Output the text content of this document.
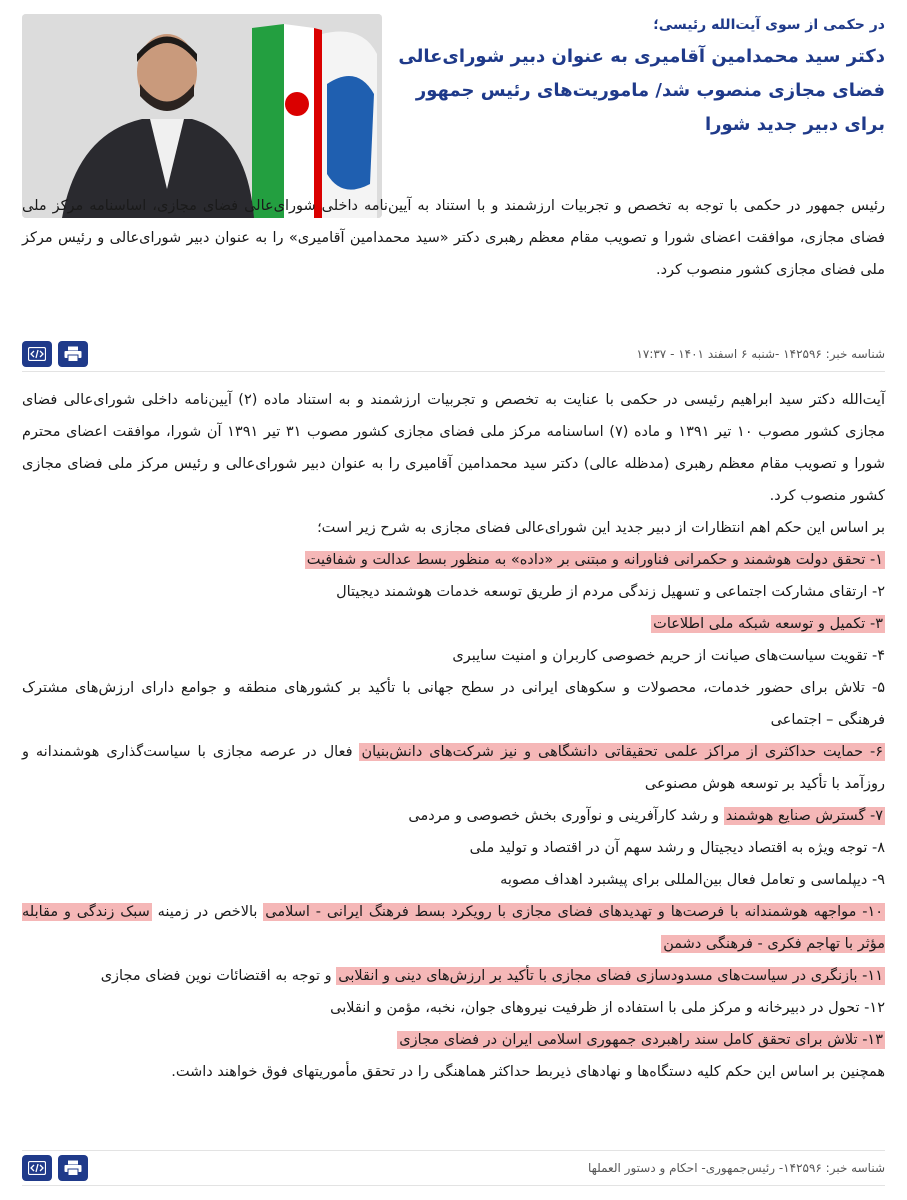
در حکمی از سوی آیت‌الله رئیسی؛
دکتر سید محمدامین آقامیری به عنوان دبیر شورای‌عالی فضای مجازی منصوب شد/ ماموریت‌های رئیس جمهور برای دبیر جدید شورا
رئیس جمهور در حکمی با توجه به تخصص و تجربیات ارزشمند و با استناد به آیین‌نامه داخلی شورای‌عالی فضای مجازی، اساسنامه مرکز ملی فضای مجازی، موافقت اعضای شورا و تصویب مقام معظم رهبری دکتر «سید محمدامین آقامیری» را به عنوان دبیر شورای‌عالی و رئیس مرکز ملی فضای مجازی کشور منصوب کرد.
شناسه خبر: ۱۴۲۵۹۶ -شنبه ۶ اسفند ۱۴۰۱ - ۱۷:۳۷

آیت‌الله دکتر سید ابراهیم رئیسی در حکمی با عنایت به تخصص و تجربیات ارزشمند و به استناد ماده (۲) آیین‌نامه داخلی شورای‌عالی فضای مجازی کشور مصوب ۱۰ تیر ۱۳۹۱ و ماده (۷) اساسنامه مرکز ملی فضای مجازی کشور مصوب ۳۱ تیر ۱۳۹۱ آن شورا، موافقت اعضای محترم شورا و تصویب مقام معظم رهبری (مدظله عالی) دکتر سید محمدامین آقامیری را به عنوان دبیر شورای‌عالی و رئیس مرکز ملی فضای مجازی کشور منصوب کرد.

بر اساس این حکم اهم انتظارات از دبیر جدید این شورای‌عالی فضای مجازی به شرح زیر است؛

۱- تحقق دولت هوشمند و حکمرانی فناورانه و مبتنی بر «داده» به منظور بسط عدالت و شفافیت

۲- ارتقای مشارکت اجتماعی و تسهیل زندگی مردم از طریق توسعه خدمات هوشمند دیجیتال

۳- تکمیل و توسعه شبکه ملی اطلاعات

۴- تقویت سیاست‌های صیانت از حریم خصوصی کاربران و امنیت سایبری

۵- تلاش برای حضور خدمات، محصولات و سکوهای ایرانی در سطح جهانی با تأکید بر کشورهای منطقه و جوامع دارای ارزش‌های مشترک فرهنگی – اجتماعی

۶- حمایت حداکثری از مراکز علمی تحقیقاتی دانشگاهی و نیز شرکت‌های دانش‌بنیان فعال در عرصه مجازی با سیاست‌گذاری هوشمندانه و روزآمد با تأکید بر توسعه هوش مصنوعی

۷- گسترش صنایع هوشمند و رشد کارآفرینی و نوآوری بخش خصوصی و مردمی

۸- توجه ویژه به اقتصاد دیجیتال و رشد سهم آن در اقتصاد و تولید ملی

۹- دیپلماسی و تعامل فعال بین‌المللی برای پیشبرد اهداف مصوبه

۱۰- مواجهه هوشمندانه با فرصت‌ها و تهدیدهای فضای مجازی با رویکرد بسط فرهنگ ایرانی - اسلامی بالاخص در زمینه سبک زندگی و مقابله مؤثر با تهاجم فکری - فرهنگی دشمن

۱۱- بازنگری در سیاست‌های مسدودسازی فضای مجازی با تأکید بر ارزش‌های دینی و انقلابی و توجه به اقتضائات نوین فضای مجازی

۱۲- تحول در دبیرخانه و مرکز ملی با استفاده از ظرفیت نیروهای جوان، نخبه، مؤمن و انقلابی

۱۳- تلاش برای تحقق کامل سند راهبردی جمهوری اسلامی ایران در فضای مجازی

همچنین بر اساس این حکم کلیه دستگاه‌ها و نهادهای ذیربط حداکثر هماهنگی را در تحقق مأموریتهای فوق خواهند داشت.

شناسه خبر: ۱۴۲۵۹۶- رئیس‌جمهوری- احکام و دستور العملها
